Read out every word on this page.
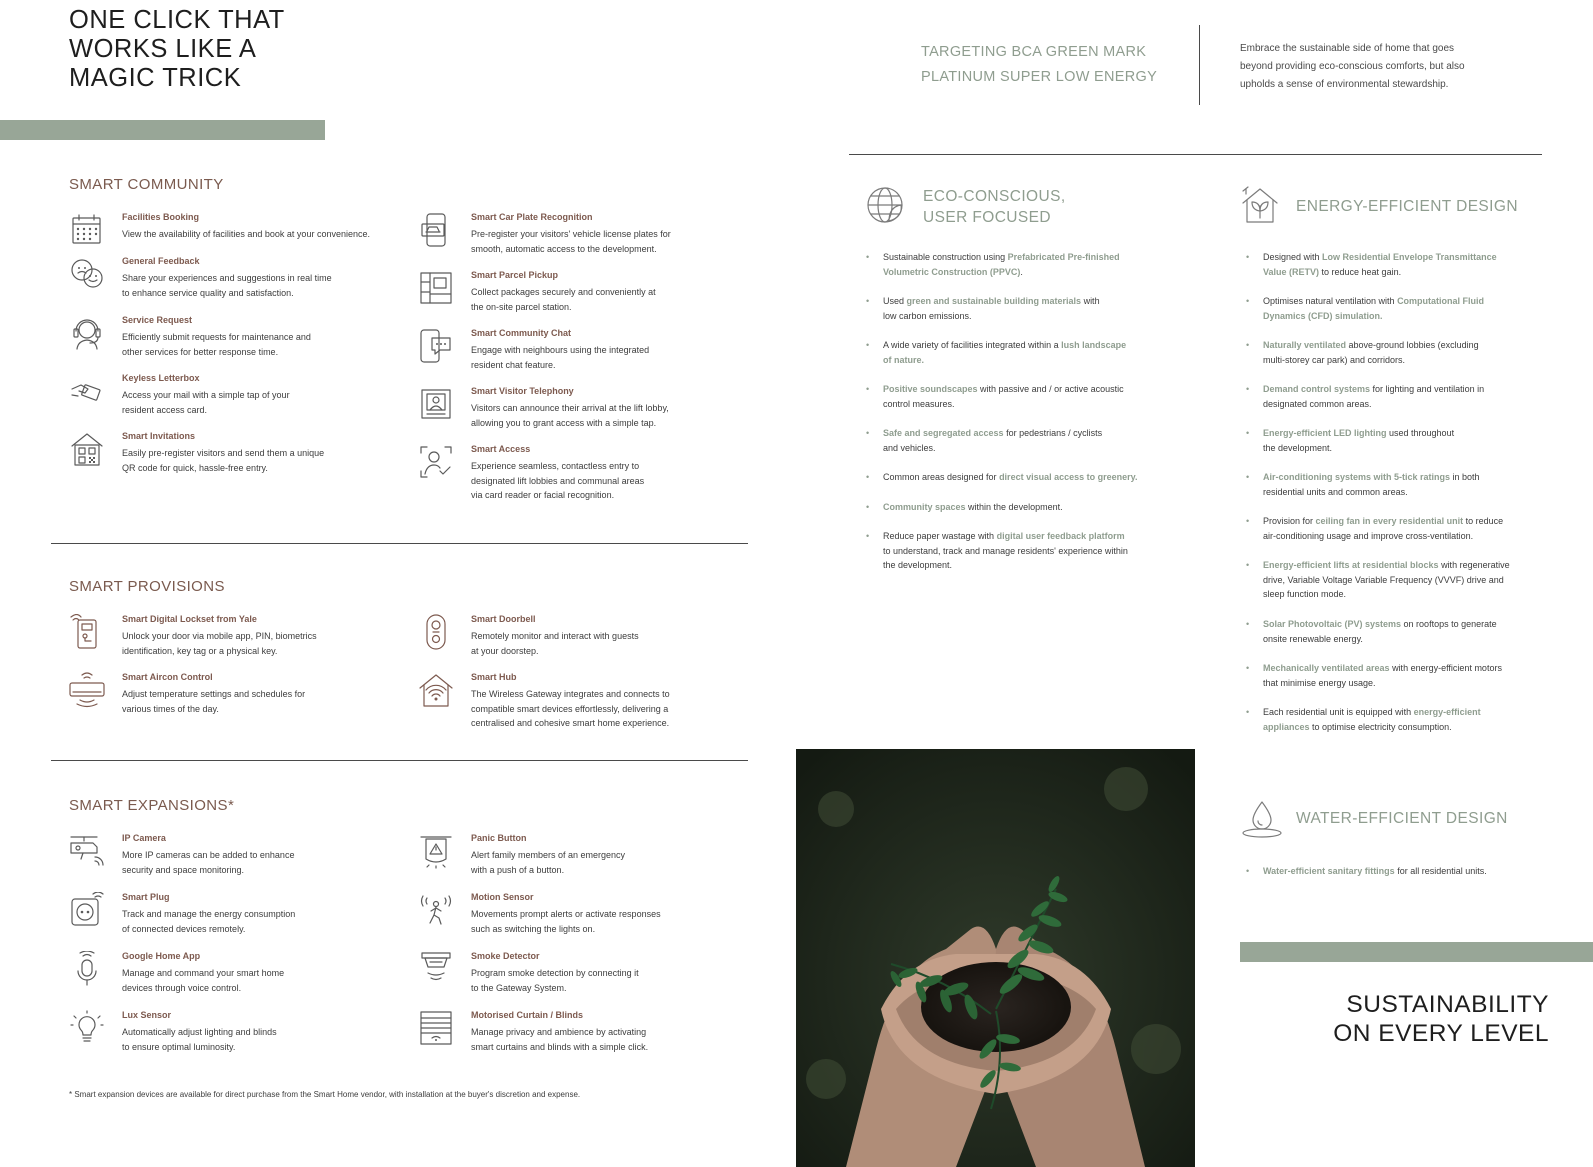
ONE CLICK THAT
WORKS LIKE A
MAGIC TRICK
SMART COMMUNITY
Facilities Booking
View the availability of facilities and book at your convenience.
General Feedback
Share your experiences and suggestions in real time
to enhance service quality and satisfaction.
Service Request
Efficiently submit requests for maintenance and
other services for better response time.
Keyless Letterbox
Access your mail with a simple tap of your
resident access card.
Smart Invitations
Easily pre-register visitors and send them a unique
QR code for quick, hassle-free entry.
Smart Car Plate Recognition
Pre-register your visitors' vehicle license plates for
smooth, automatic access to the development.
Smart Parcel Pickup
Collect packages securely and conveniently at
the on-site parcel station.
Smart Community Chat
Engage with neighbours using the integrated
resident chat feature.
Smart Visitor Telephony
Visitors can announce their arrival at the lift lobby,
allowing you to grant access with a simple tap.
Smart Access
Experience seamless, contactless entry to
designated lift lobbies and communal areas
via card reader or facial recognition.
SMART PROVISIONS
Smart Digital Lockset from Yale
Unlock your door via mobile app, PIN, biometrics
identification, key tag or a physical key.
Smart Aircon Control
Adjust temperature settings and schedules for
various times of the day.
Smart Doorbell
Remotely monitor and interact with guests
at your doorstep.
Smart Hub
The Wireless Gateway integrates and connects to
compatible smart devices effortlessly, delivering a
centralised and cohesive smart home experience.
SMART EXPANSIONS*
IP Camera
More IP cameras can be added to enhance
security and space monitoring.
Smart Plug
Track and manage the energy consumption
of connected devices remotely.
Google Home App
Manage and command your smart home
devices through voice control.
Lux Sensor
Automatically adjust lighting and blinds
to ensure optimal luminosity.
Panic Button
Alert family members of an emergency
with a push of a button.
Motion Sensor
Movements prompt alerts or activate responses
such as switching the lights on.
Smoke Detector
Program smoke detection by connecting it
to the Gateway System.
Motorised Curtain / Blinds
Manage privacy and ambience by activating
smart curtains and blinds with a simple click.
* Smart expansion devices are available for direct purchase from the Smart Home vendor, with installation at the buyer's discretion and expense.
TARGETING BCA GREEN MARK
PLATINUM SUPER LOW ENERGY
Embrace the sustainable side of home that goes
beyond providing eco-conscious comforts, but also
upholds a sense of environmental stewardship.
ECO-CONSCIOUS,
USER FOCUSED
• Sustainable construction using Prefabricated Pre-finished
Volumetric Construction (PPVC).
• Used green and sustainable building materials with
low carbon emissions.
• A wide variety of facilities integrated within a lush landscape
of nature.
• Positive soundscapes with passive and / or active acoustic
control measures.
• Safe and segregated access for pedestrians / cyclists
and vehicles.
• Common areas designed for direct visual access to greenery.
• Community spaces within the development.
• Reduce paper wastage with digital user feedback platform
to understand, track and manage residents' experience within
the development.
ENERGY-EFFICIENT DESIGN
• Designed with Low Residential Envelope Transmittance
Value (RETV) to reduce heat gain.
• Optimises natural ventilation with Computational Fluid
Dynamics (CFD) simulation.
• Naturally ventilated above-ground lobbies (excluding
multi-storey car park) and corridors.
• Demand control systems for lighting and ventilation in
designated common areas.
• Energy-efficient LED lighting used throughout
the development.
• Air-conditioning systems with 5-tick ratings in both
residential units and common areas.
• Provision for ceiling fan in every residential unit to reduce
air-conditioning usage and improve cross-ventilation.
• Energy-efficient lifts at residential blocks with regenerative
drive, Variable Voltage Variable Frequency (VVVF) drive and
sleep function mode.
• Solar Photovoltaic (PV) systems on rooftops to generate
onsite renewable energy.
• Mechanically ventilated areas with energy-efficient motors
that minimise energy usage.
• Each residential unit is equipped with energy-efficient
appliances to optimise electricity consumption.
WATER-EFFICIENT DESIGN
• Water-efficient sanitary fittings for all residential units.
SUSTAINABILITY
ON EVERY LEVEL
